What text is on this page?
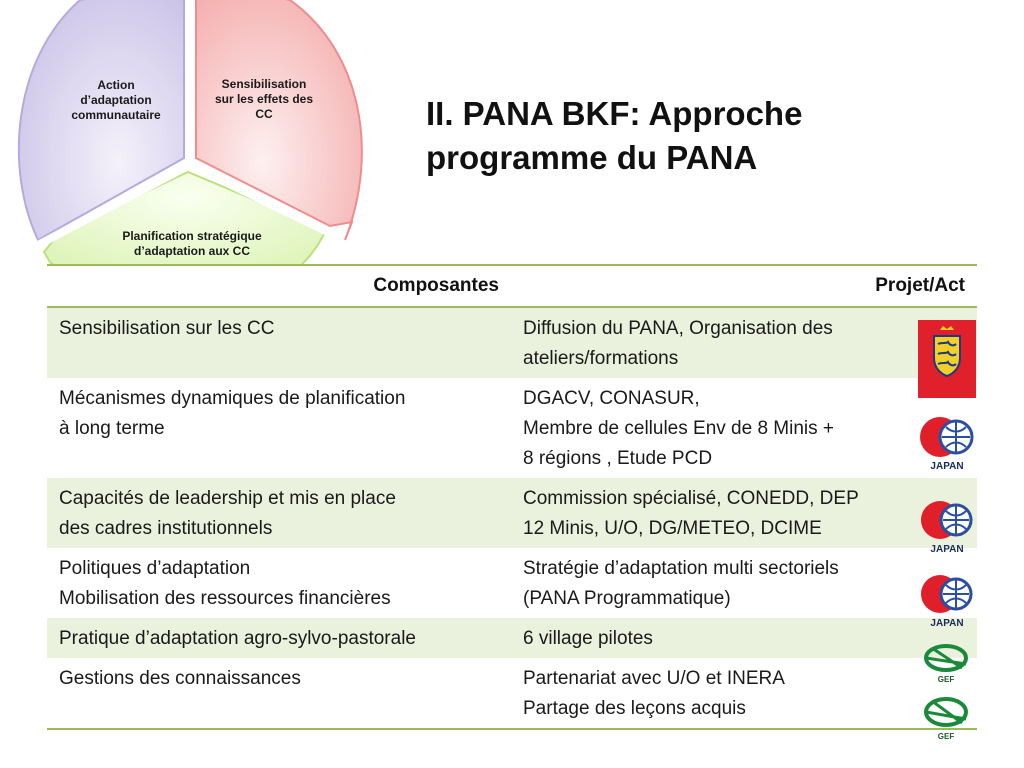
Action
d’adaptation
communautaire
Sensibilisation
sur les effets des
CC
Planification stratégique
d’adaptation aux CC
II. PANA BKF: Approche
programme du PANA
Composantes	Projet/Act

Sensibilisation sur les CC	Diffusion du PANA, Organisation des
ateliers/formations

Mécanismes dynamiques de planification
à long terme	DGACV, CONASUR,
Membre de cellules Env de 8 Minis +
8 régions , Etude PCD

Capacités de leadership et mis en place
des cadres institutionnels	Commission spécialisé, CONEDD, DEP
12 Minis, U/O, DG/METEO, DCIME

Politiques d’adaptation
Mobilisation des ressources financières	Stratégie d’adaptation multi sectoriels
(PANA Programmatique)

Pratique d’adaptation agro-sylvo-pastorale	6 village pilotes

Gestions des connaissances	Partenariat avec U/O et INERA
Partage des leçons acquis
JAPAN
JAPAN
JAPAN
GEF
GEF
